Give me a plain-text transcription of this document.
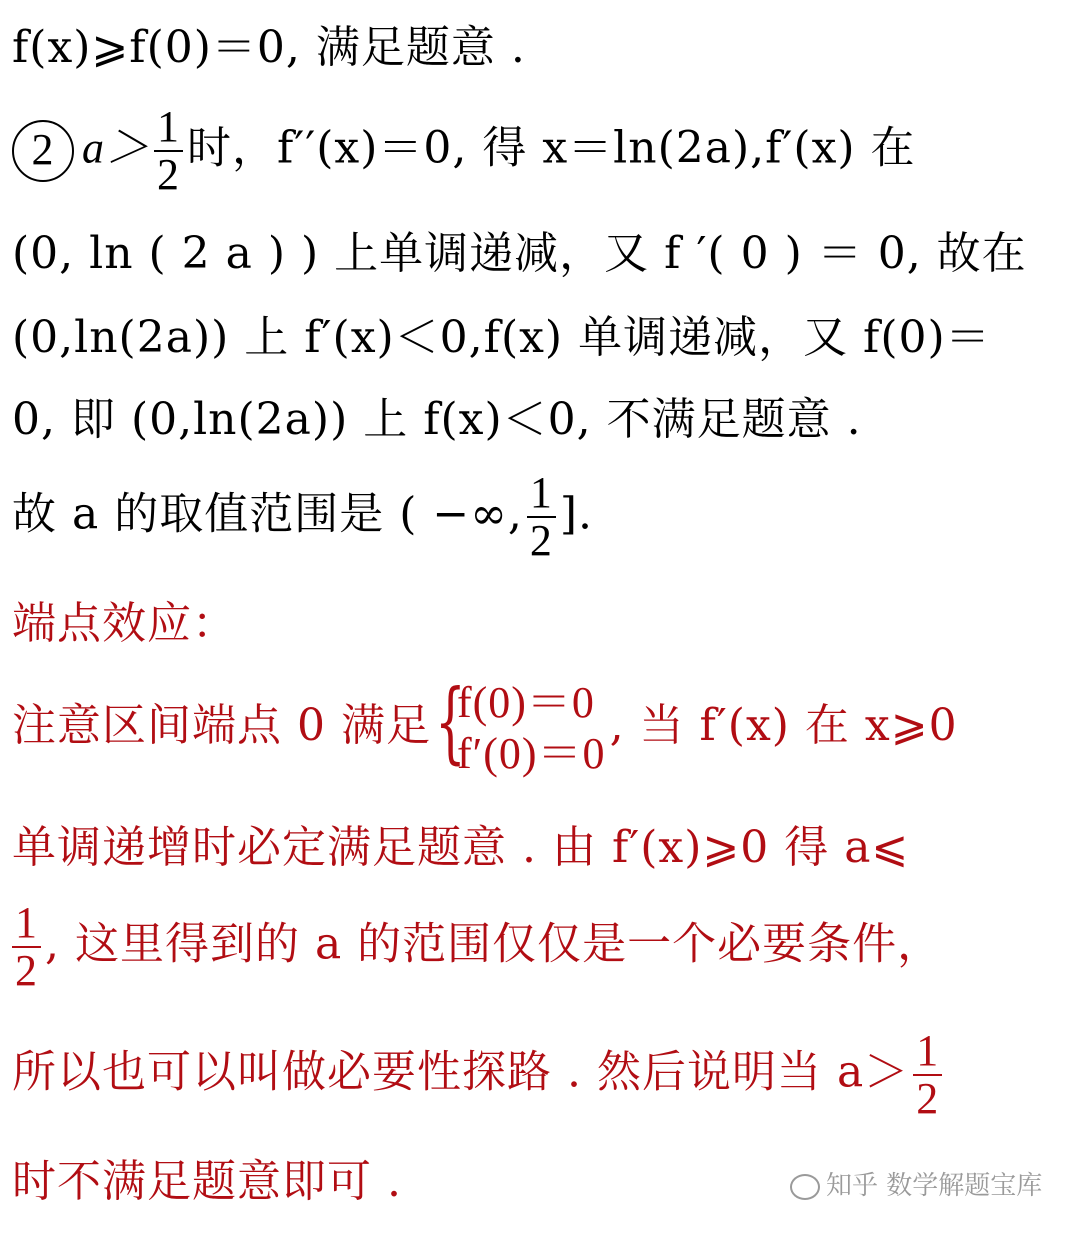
f(x)⩾f(0)＝0, 满足题意 .
2 $a> \frac{1}{2}$ 时，f′′(x)＝0, 得 x＝ln(2a),f′(x) 在
(0, ln ( 2 a ) ) 上单调递减，又 f ′( 0 ) ＝ 0, 故在
(0,ln(2a)) 上 f′(x)＜0,f(x) 单调递减，又 f(0)＝
0, 即 (0,ln(2a)) 上 f(x)＜0, 不满足题意 .
故 a 的取值范围是 ( −∞, $\frac{1}{2}$ ].
端点效应：
注意区间端点 0 满足 {
f(0)＝0
f′(0)＝0
, 当 f′(x) 在 x⩾0
单调递增时必定满足题意 . 由 f′(x)⩾0 得 a⩽
$\frac{1}{2}$ , 这里得到的 a 的范围仅仅是一个必要条件，
所以也可以叫做必要性探路 . 然后说明当 $a> \frac{1}{2}$
时不满足题意即可 .	知乎 数学解题宝库
